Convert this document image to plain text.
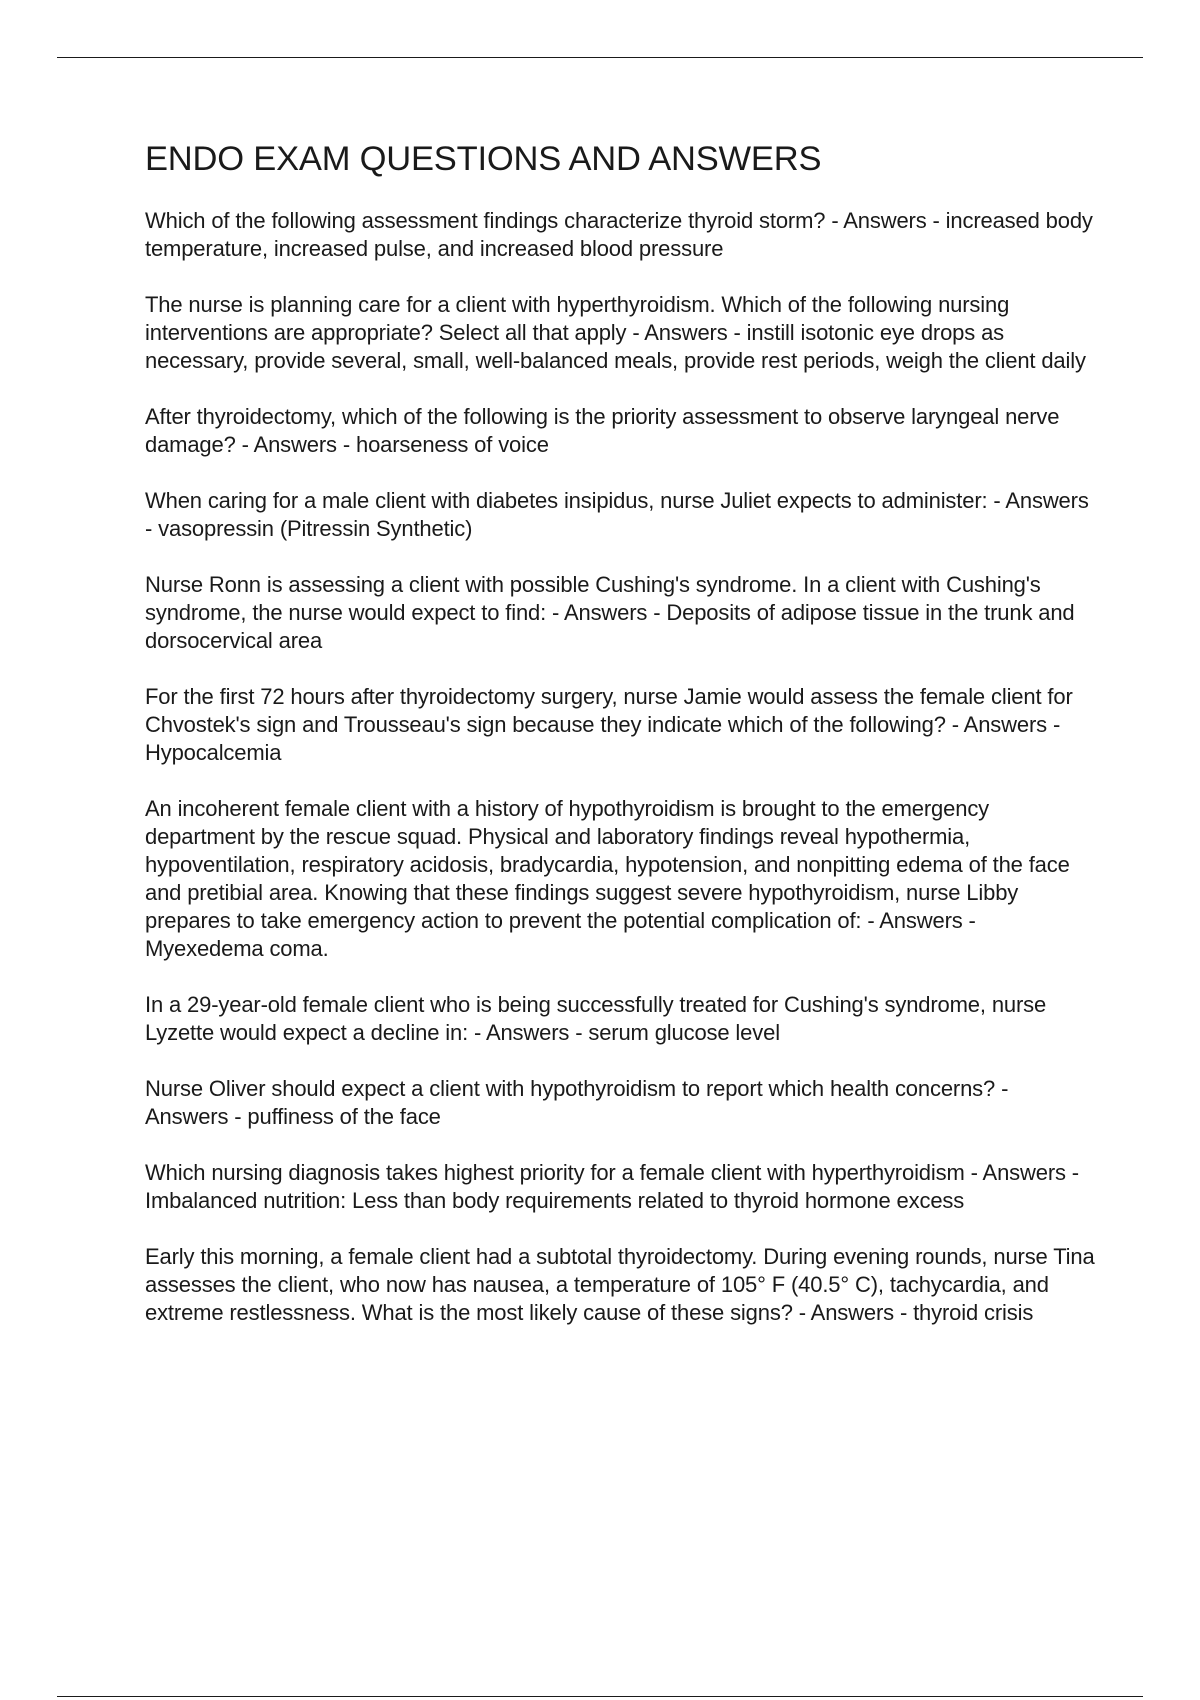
ENDO EXAM QUESTIONS AND ANSWERS

Which of the following assessment findings characterize thyroid storm? - Answers - increased body temperature, increased pulse, and increased blood pressure

The nurse is planning care for a client with hyperthyroidism. Which of the following nursing interventions are appropriate? Select all that apply - Answers - instill isotonic eye drops as necessary, provide several, small, well-balanced meals, provide rest periods, weigh the client daily

After thyroidectomy, which of the following is the priority assessment to observe laryngeal nerve damage? - Answers - hoarseness of voice

When caring for a male client with diabetes insipidus, nurse Juliet expects to administer: - Answers - vasopressin (Pitressin Synthetic)

Nurse Ronn is assessing a client with possible Cushing's syndrome. In a client with Cushing's syndrome, the nurse would expect to find: - Answers - Deposits of adipose tissue in the trunk and dorsocervical area

For the first 72 hours after thyroidectomy surgery, nurse Jamie would assess the female client for Chvostek's sign and Trousseau's sign because they indicate which of the following? - Answers - Hypocalcemia

An incoherent female client with a history of hypothyroidism is brought to the emergency department by the rescue squad. Physical and laboratory findings reveal hypothermia, hypoventilation, respiratory acidosis, bradycardia, hypotension, and nonpitting edema of the face and pretibial area. Knowing that these findings suggest severe hypothyroidism, nurse Libby prepares to take emergency action to prevent the potential complication of: - Answers - Myexedema coma.

In a 29-year-old female client who is being successfully treated for Cushing's syndrome, nurse Lyzette would expect a decline in: - Answers - serum glucose level

Nurse Oliver should expect a client with hypothyroidism to report which health concerns? - Answers - puffiness of the face

Which nursing diagnosis takes highest priority for a female client with hyperthyroidism - Answers - Imbalanced nutrition: Less than body requirements related to thyroid hormone excess

Early this morning, a female client had a subtotal thyroidectomy. During evening rounds, nurse Tina assesses the client, who now has nausea, a temperature of 105° F (40.5° C), tachycardia, and extreme restlessness. What is the most likely cause of these signs? - Answers - thyroid crisis
